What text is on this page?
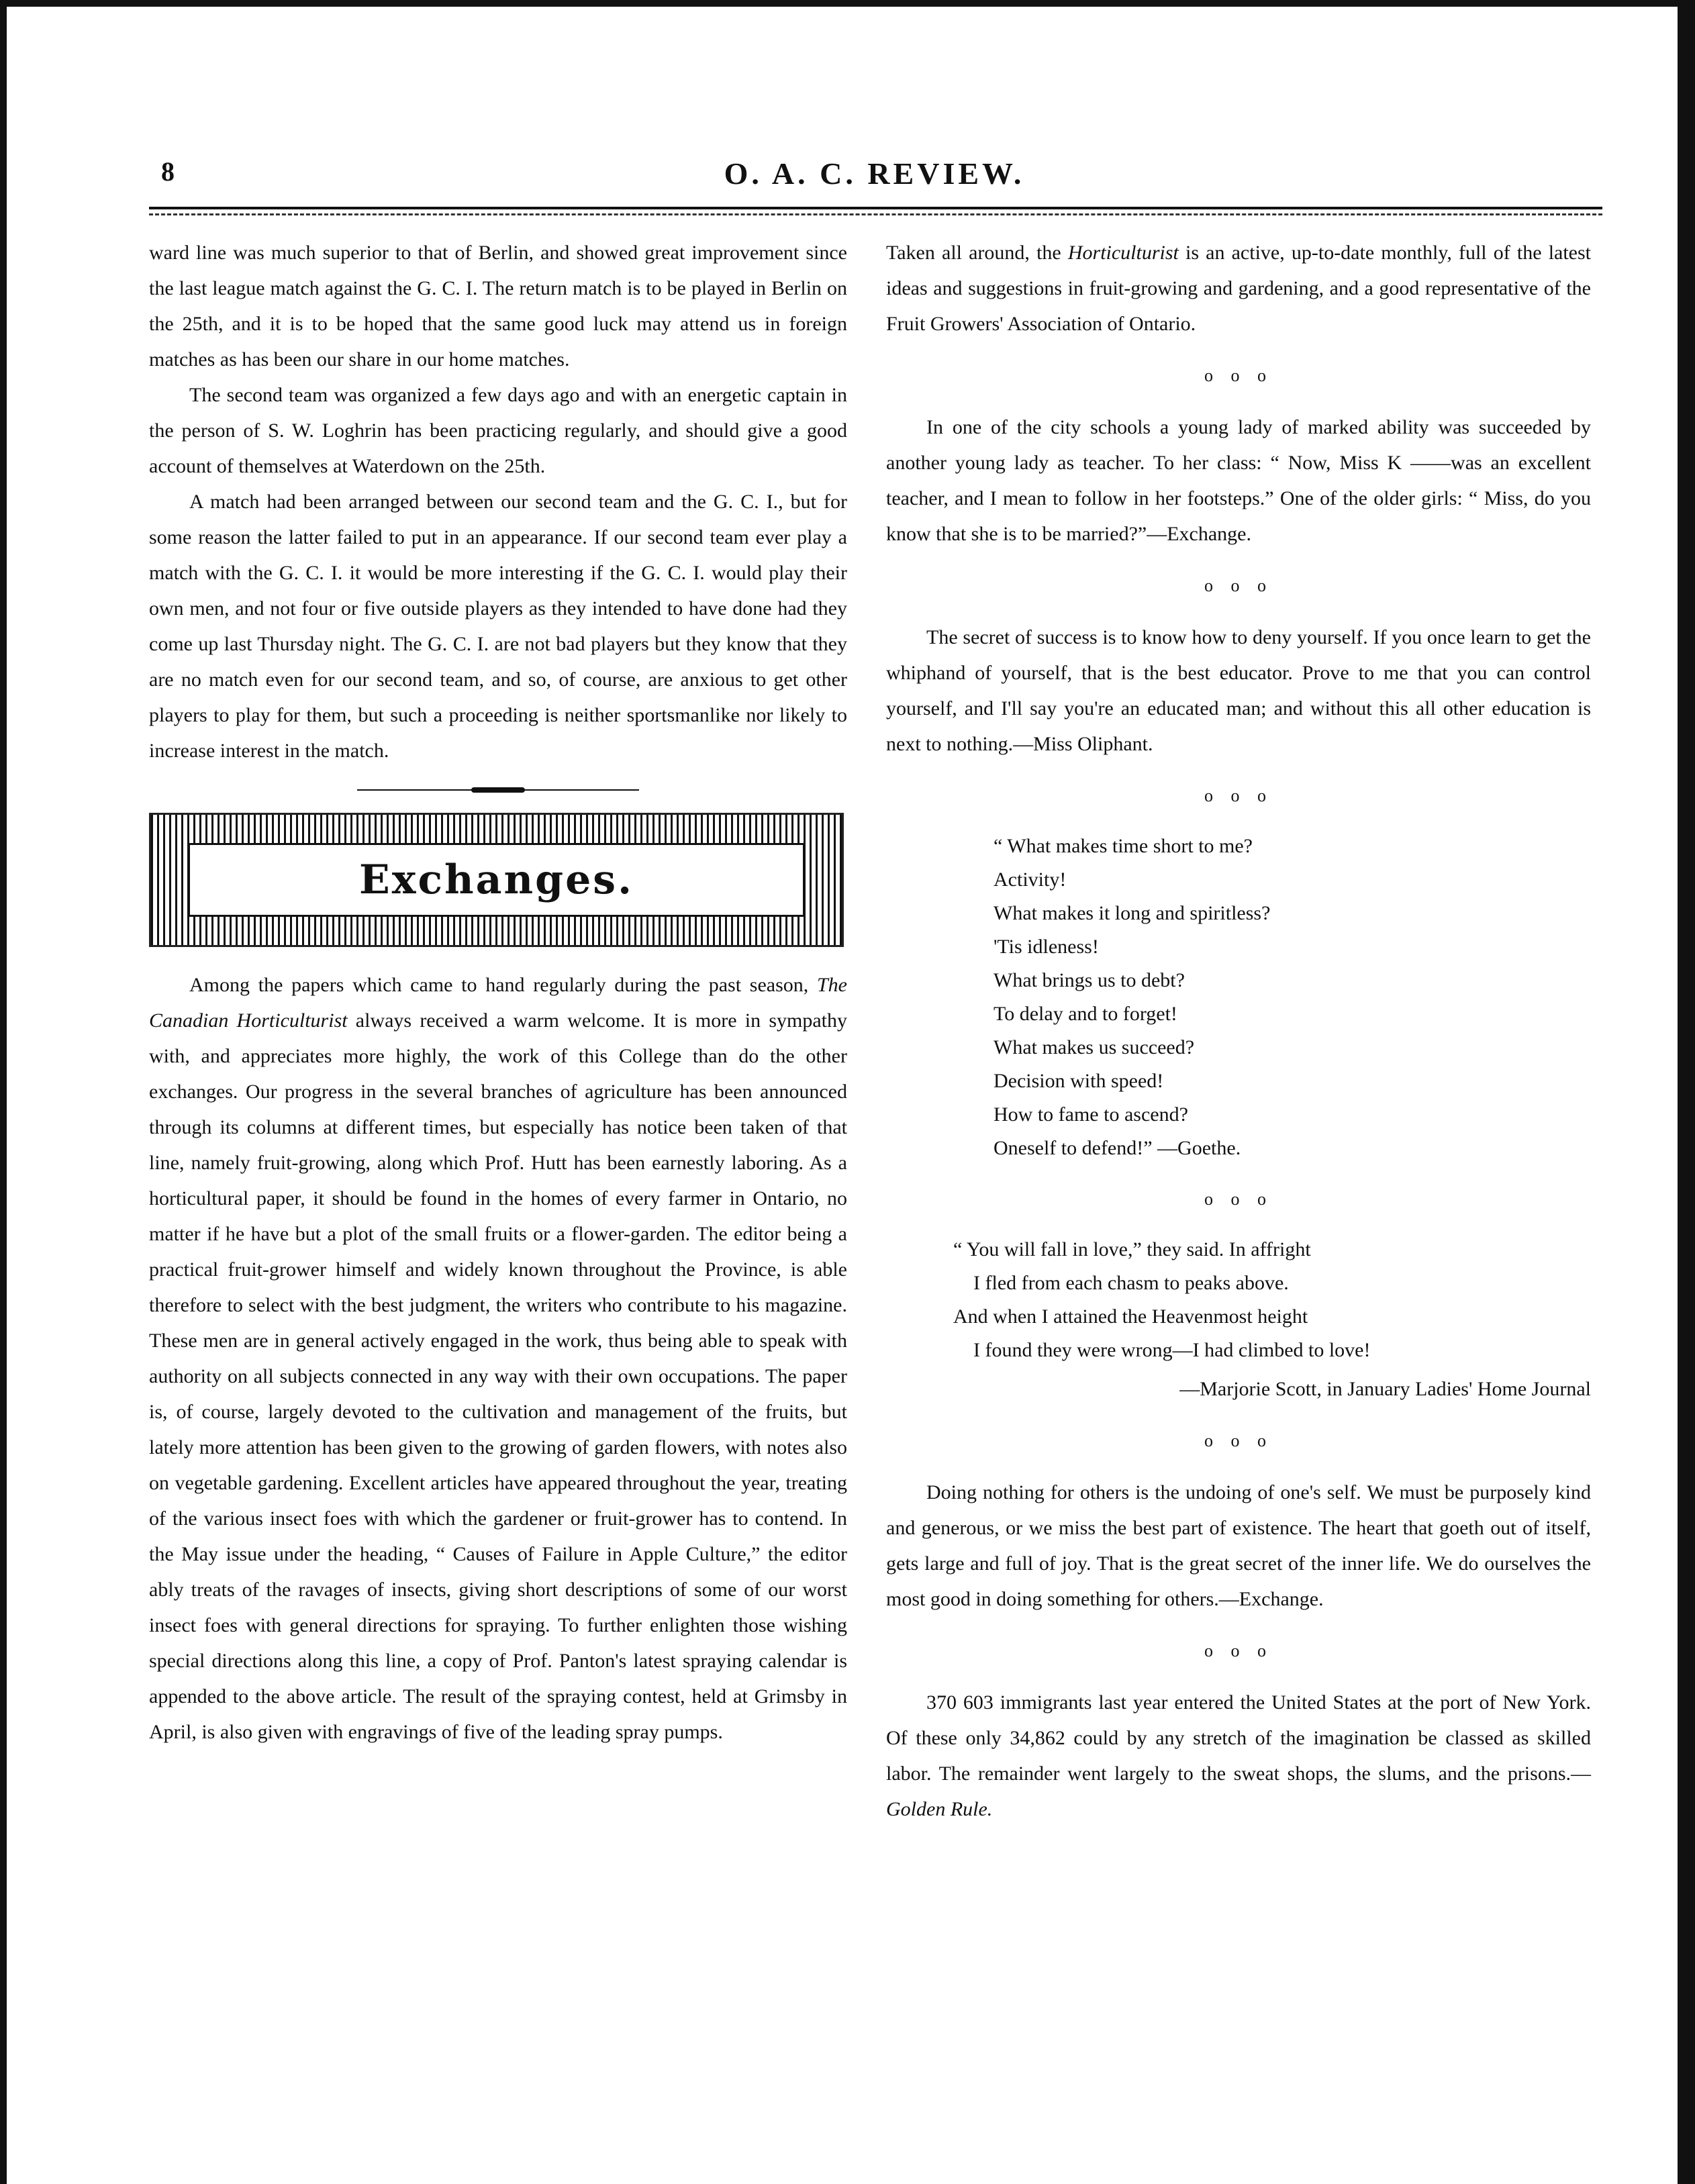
8	O. A. C. REVIEW.

ward line was much superior to that of Berlin, and showed great improvement since the last league match against the G. C. I. The return match is to be played in Berlin on the 25th, and it is to be hoped that the same good luck may attend us in foreign matches as has been our share in our home matches.

The second team was organized a few days ago and with an energetic captain in the person of S. W. Loghrin has been practicing regularly, and should give a good account of themselves at Waterdown on the 25th.

A match had been arranged between our second team and the G. C. I., but for some reason the latter failed to put in an appearance. If our second team ever play a match with the G. C. I. it would be more interesting if the G. C. I. would play their own men, and not four or five outside players as they intended to have done had they come up last Thursday night. The G. C. I. are not bad players but they know that they are no match even for our second team, and so, of course, are anxious to get other players to play for them, but such a proceeding is neither sportsmanlike nor likely to increase interest in the match.

Exchanges.

Among the papers which came to hand regularly during the past season, The Canadian Horticulturist always received a warm welcome. It is more in sympathy with, and appreciates more highly, the work of this College than do the other exchanges. Our progress in the several branches of agriculture has been announced through its columns at different times, but especially has notice been taken of that line, namely fruit-growing, along which Prof. Hutt has been earnestly laboring. As a horticultural paper, it should be found in the homes of every farmer in Ontario, no matter if he have but a plot of the small fruits or a flower-garden. The editor being a practical fruit-grower himself and widely known throughout the Province, is able therefore to select with the best judgment, the writers who contribute to his magazine. These men are in general actively engaged in the work, thus being able to speak with authority on all subjects connected in any way with their own occupations. The paper is, of course, largely devoted to the cultivation and management of the fruits, but lately more attention has been given to the growing of garden flowers, with notes also on vegetable gardening. Excellent articles have appeared throughout the year, treating of the various insect foes with which the gardener or fruit-grower has to contend. In the May issue under the heading, “ Causes of Failure in Apple Culture,” the editor ably treats of the ravages of insects, giving short descriptions of some of our worst insect foes with general directions for spraying. To further enlighten those wishing special directions along this line, a copy of Prof. Panton's latest spraying calendar is appended to the above article. The result of the spraying contest, held at Grimsby in April, is also given with engravings of five of the leading spray pumps.

Taken all around, the Horticulturist is an active, up-to-date monthly, full of the latest ideas and suggestions in fruit-growing and gardening, and a good representative of the Fruit Growers' Association of Ontario.

o o o

In one of the city schools a young lady of marked ability was succeeded by another young lady as teacher. To her class: “ Now, Miss K ——was an excellent teacher, and I mean to follow in her footsteps.” One of the older girls: “ Miss, do you know that she is to be married?”—Exchange.

o o o

The secret of success is to know how to deny yourself. If you once learn to get the whiphand of yourself, that is the best educator. Prove to me that you can control yourself, and I'll say you're an educated man; and without this all other education is next to nothing.—Miss Oliphant.

o o o
“ What makes time short to me?
Activity!
What makes it long and spiritless?
'Tis idleness!
What brings us to debt?
To delay and to forget!
What makes us succeed?
Decision with speed!
How to fame to ascend?
Oneself to defend!” —Goethe.
o o o
“ You will fall in love,” they said. In affright
I fled from each chasm to peaks above.
And when I attained the Heavenmost height
I found they were wrong—I had climbed to love!
—Marjorie Scott, in January Ladies' Home Journal
o o o

Doing nothing for others is the undoing of one's self. We must be purposely kind and generous, or we miss the best part of existence. The heart that goeth out of itself, gets large and full of joy. That is the great secret of the inner life. We do ourselves the most good in doing something for others.—Exchange.

o o o

370 603 immigrants last year entered the United States at the port of New York. Of these only 34,862 could by any stretch of the imagination be classed as skilled labor. The remainder went largely to the sweat shops, the slums, and the prisons.—Golden Rule.
